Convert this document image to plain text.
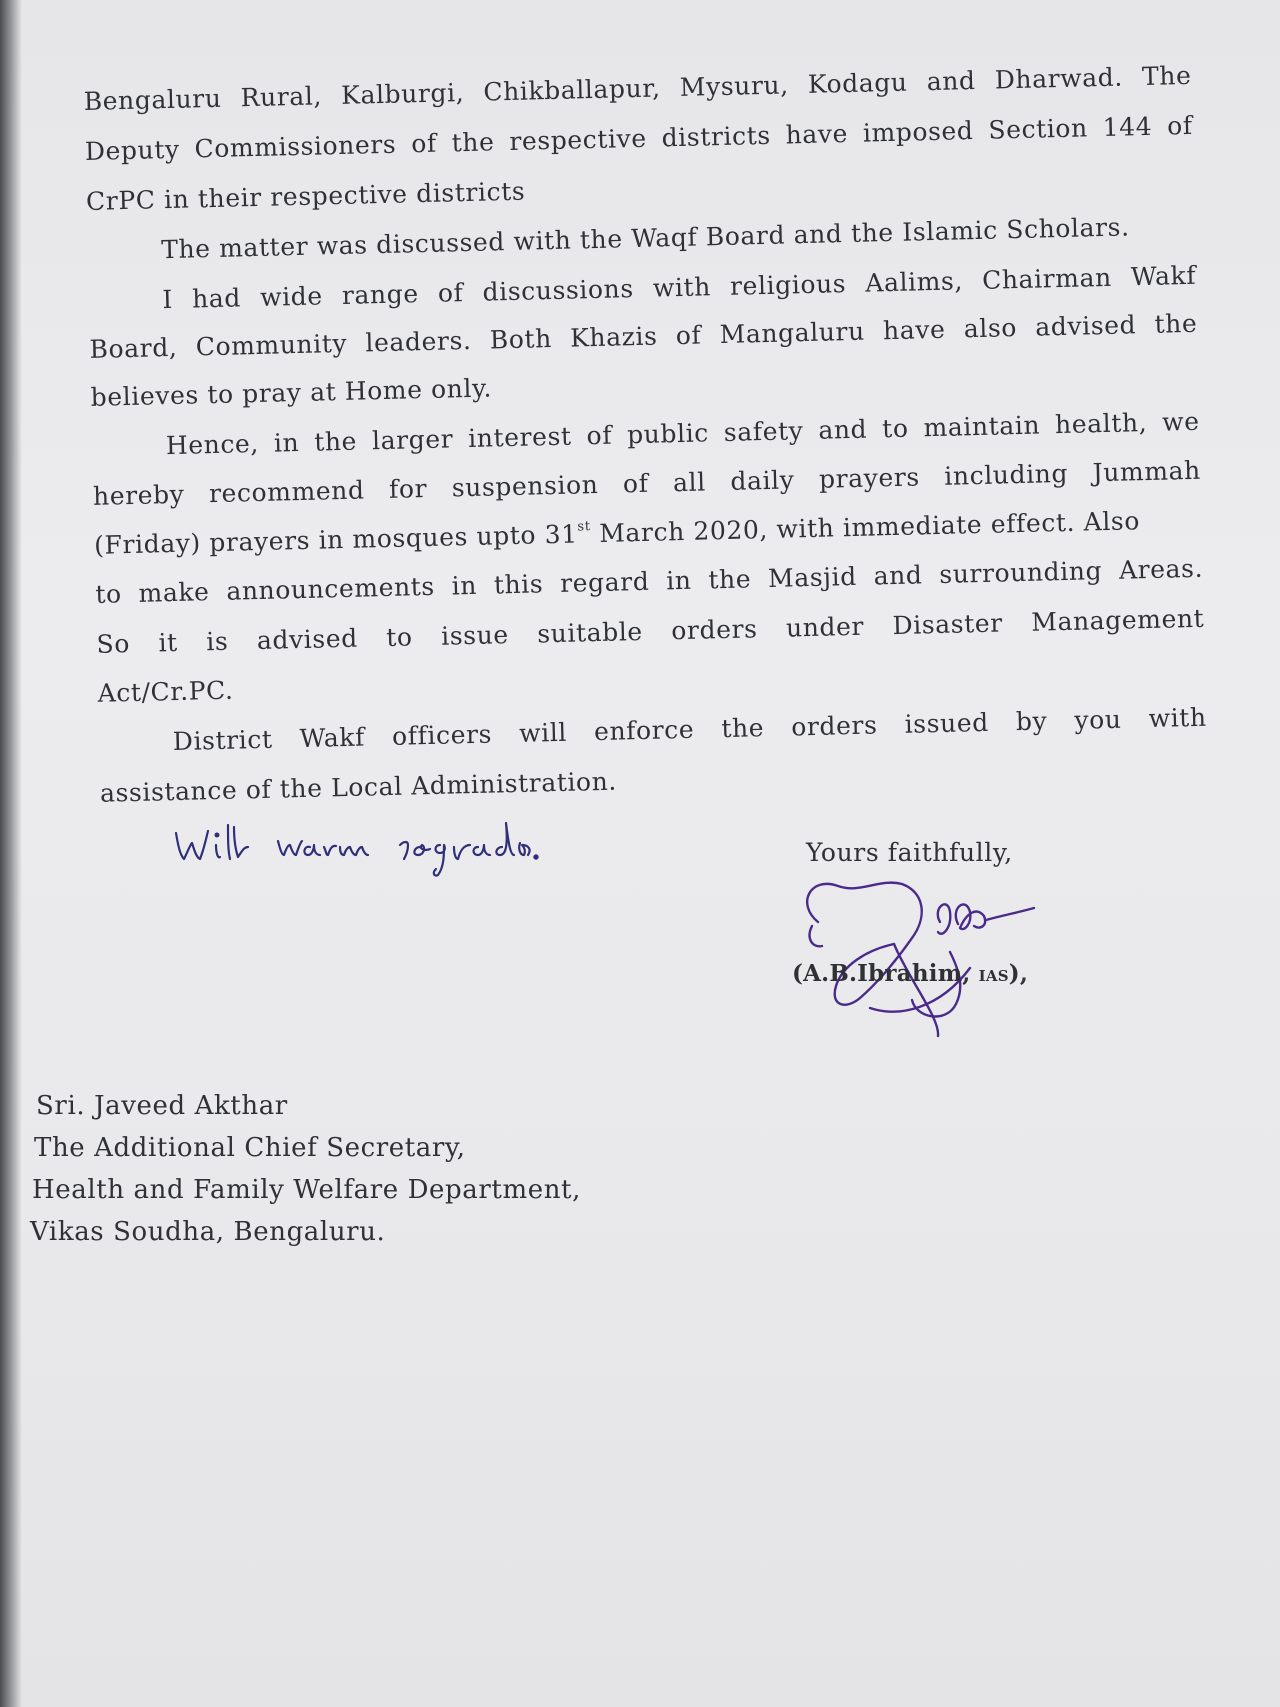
Bengaluru Rural, Kalburgi, Chikballapur, Mysuru, Kodagu and Dharwad. The
Deputy Commissioners of the respective districts have imposed Section 144 of
CrPC in their respective districts
The matter was discussed with the Waqf Board and the Islamic Scholars.
I had wide range of discussions with religious Aalims, Chairman Wakf
Board, Community leaders. Both Khazis of Mangaluru have also advised the
believes to pray at Home only.
Hence, in the larger interest of public safety and to maintain health, we
hereby recommend for suspension of all daily prayers including Jummah
(Friday) prayers in mosques upto 31st March 2020, with immediate effect. Also
to make announcements in this regard in the Masjid and surrounding Areas.
So it is advised to issue suitable orders under Disaster Management
Act/Cr.PC.
District Wakf officers will enforce the orders issued by you with
assistance of the Local Administration.
Yours faithfully,
(A.B.Ibrahim, IAS),
Sri. Javeed Akthar
The Additional Chief Secretary,
Health and Family Welfare Department,
Vikas Soudha, Bengaluru.
